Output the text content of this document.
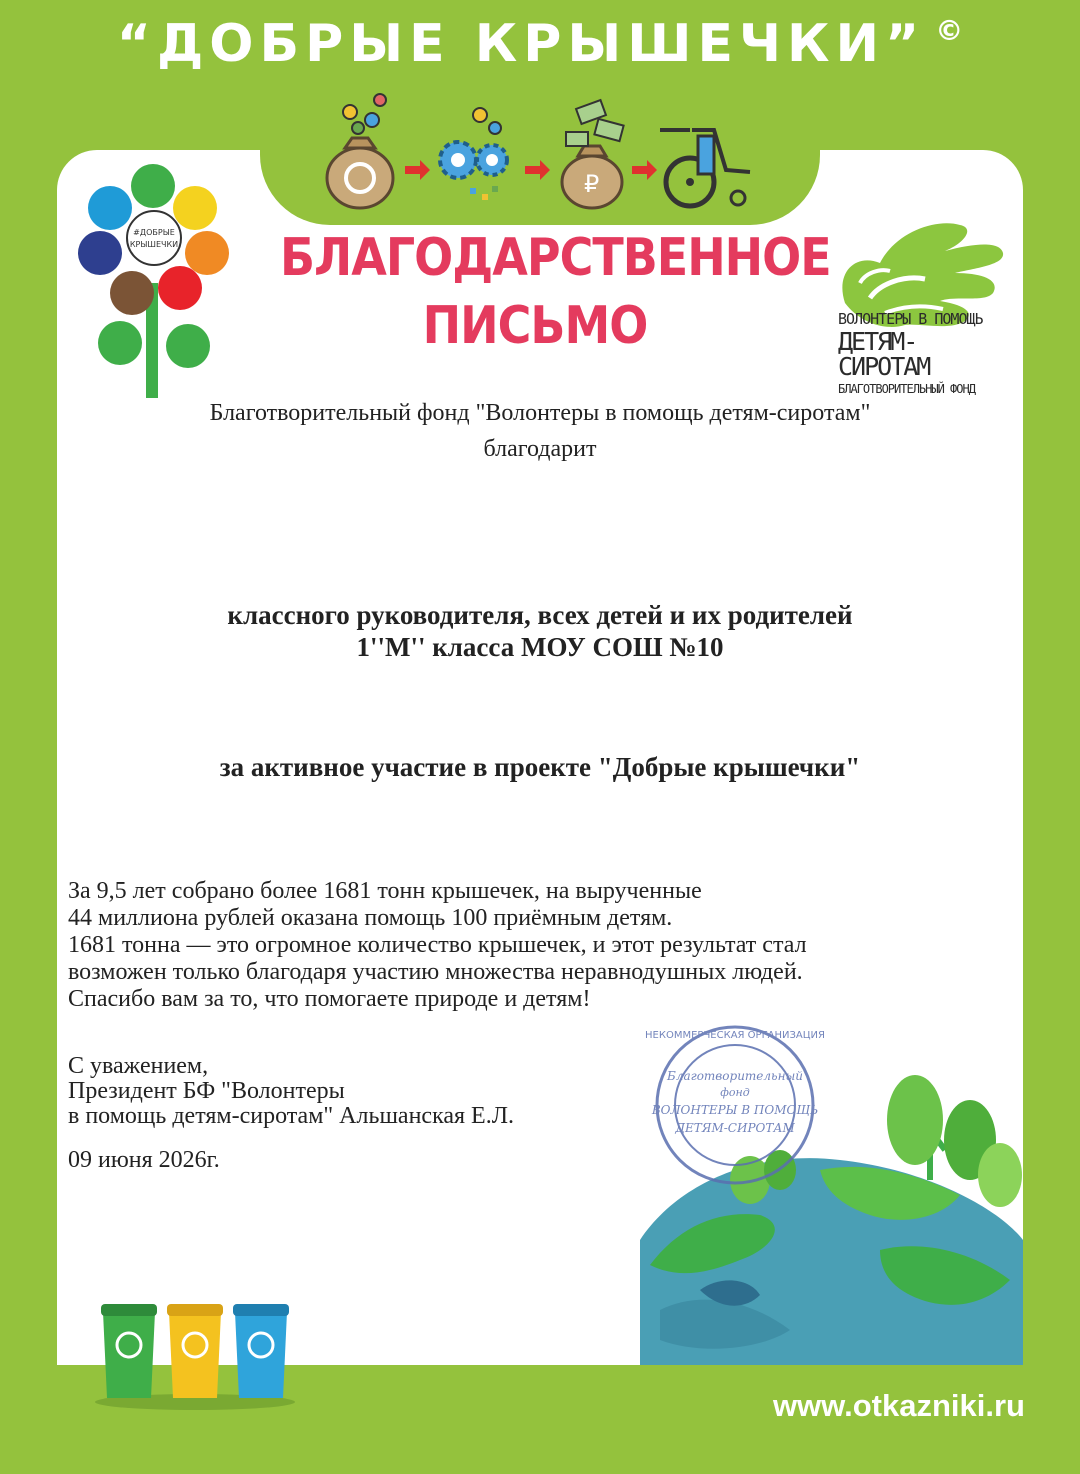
“ДОБРЫЕ КРЫШЕЧКИ” ©
₽
БЛАГОДАРСТВЕННОЕ
ПИСЬМО
#ДОБРЫЕ
КРЫШЕЧКИ
ВОЛОНТЕРЫ В ПОМОЩЬ
ДЕТЯМ-СИРОТАМ
БЛАГОТВОРИТЕЛЬНЫЙ ФОНД
Благотворительный фонд "Волонтеры в помощь детям-сиротам"
благодарит
классного руководителя, всех детей и их родителей
1''М'' класса МОУ СОШ №10
за активное участие в проекте "Добрые крышечки"
За 9,5 лет собрано более 1681 тонн крышечек, на вырученные
44 миллиона рублей оказана помощь 100 приёмным детям.
1681 тонна — это огромное количество крышечек, и этот результат стал
возможен только благодаря участию множества неравнодушных людей.
Спасибо вам за то, что помогаете природе и детям!
С уважением,
Президент БФ "Волонтеры
в помощь детям-сиротам" Альшанская Е.Л.
09 июня 2026г.
НЕКОММЕРЧЕСКАЯ ОРГАНИЗАЦИЯ
Благотворительный
фонд
ВОЛОНТЕРЫ В ПОМОЩЬ
ДЕТЯМ-СИРОТАМ
www.otkazniki.ru
